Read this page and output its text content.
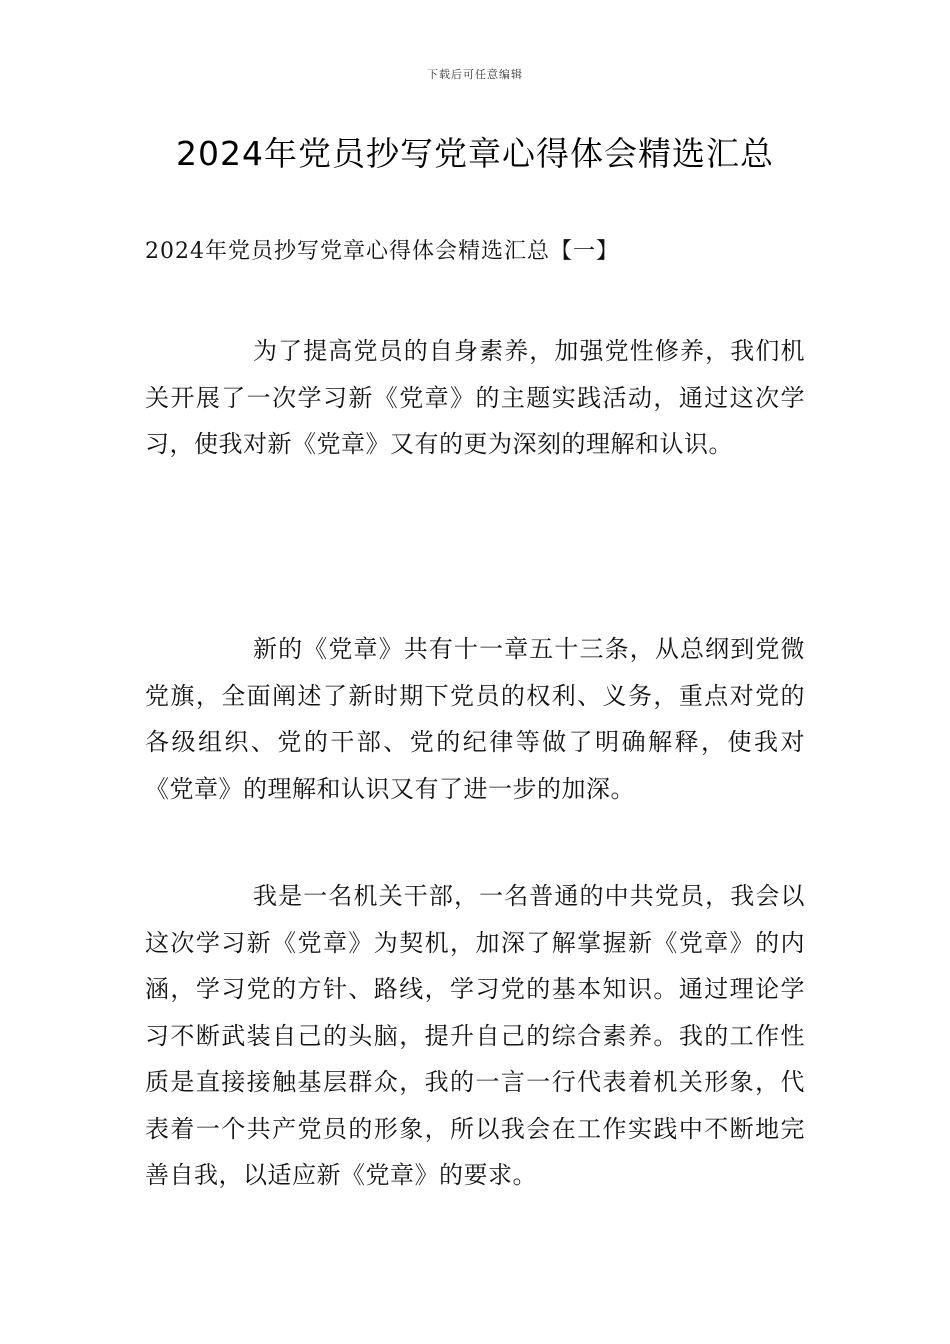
下载后可任意编辑
2024年党员抄写党章心得体会精选汇总
2024年党员抄写党章心得体会精选汇总【一】

为了提高党员的自身素养，加强党性修养，我们机关开展了一次学习新《党章》的主题实践活动，通过这次学习，使我对新《党章》又有的更为深刻的理解和认识。

新的《党章》共有十一章五十三条，从总纲到党微党旗，全面阐述了新时期下党员的权利、义务，重点对党的各级组织、党的干部、党的纪律等做了明确解释，使我对《党章》的理解和认识又有了进一步的加深。

我是一名机关干部，一名普通的中共党员，我会以这次学习新《党章》为契机，加深了解掌握新《党章》的内涵，学习党的方针、路线，学习党的基本知识。通过理论学习不断武装自己的头脑，提升自己的综合素养。我的工作性质是直接接触基层群众，我的一言一行代表着机关形象，代表着一个共产党员的形象，所以我会在工作实践中不断地完善自我，以适应新《党章》的要求。
